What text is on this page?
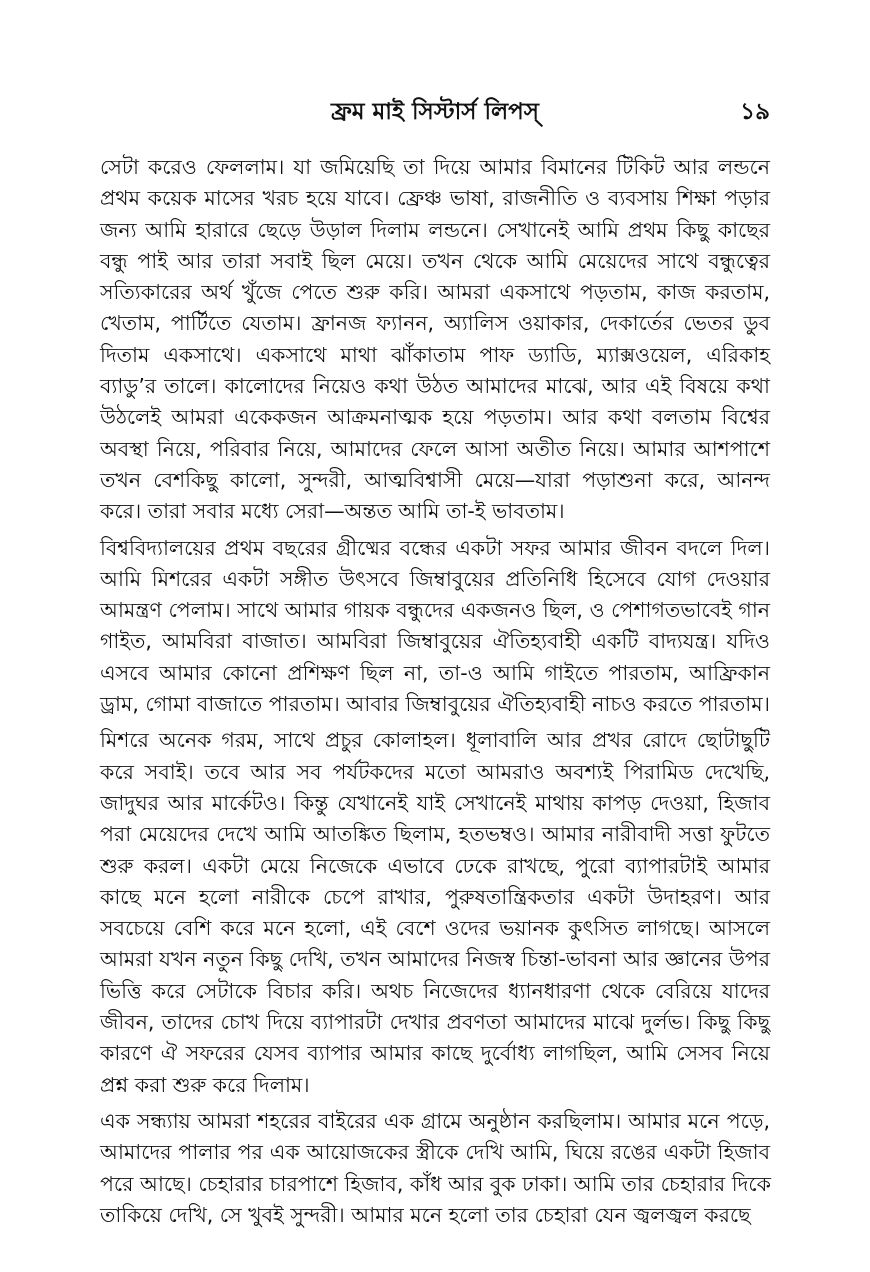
ফ্রম মাই সিস্টার্স লিপস্	১৯
সেটা করেও ফেললাম। যা জমিয়েছি তা দিয়ে আমার বিমানের টিকিট আর লন্ডনে
প্রথম কয়েক মাসের খরচ হয়ে যাবে। ফ্রেঞ্চ ভাষা, রাজনীতি ও ব্যবসায় শিক্ষা পড়ার
জন্য আমি হারারে ছেড়ে উড়াল দিলাম লন্ডনে। সেখানেই আমি প্রথম কিছু কাছের
বন্ধু পাই আর তারা সবাই ছিল মেয়ে। তখন থেকে আমি মেয়েদের সাথে বন্ধুত্বের
সত্যিকারের অর্থ খুঁজে পেতে শুরু করি। আমরা একসাথে পড়তাম, কাজ করতাম,
খেতাম, পার্টিতে যেতাম। ফ্রানজ ফ্যানন, অ্যালিস ওয়াকার, দেকার্তের ভেতর ডুব
দিতাম একসাথে। একসাথে মাথা ঝাঁকাতাম পাফ ড্যাডি, ম্যাক্সওয়েল, এরিকাহ
ব্যাডু’র তালে। কালোদের নিয়েও কথা উঠত আমাদের মাঝে, আর এই বিষয়ে কথা
উঠলেই আমরা একেকজন আক্রমনাত্মক হয়ে পড়তাম। আর কথা বলতাম বিশ্বের
অবস্থা নিয়ে, পরিবার নিয়ে, আমাদের ফেলে আসা অতীত নিয়ে। আমার আশপাশে
তখন বেশকিছু কালো, সুন্দরী, আত্মবিশ্বাসী মেয়ে—যারা পড়াশুনা করে, আনন্দ
করে। তারা সবার মধ্যে সেরা—অন্তত আমি তা-ই ভাবতাম।
বিশ্ববিদ্যালয়ের প্রথম বছরের গ্রীষ্মের বন্ধের একটা সফর আমার জীবন বদলে দিল।
আমি মিশরের একটা সঙ্গীত উৎসবে জিম্বাবুয়ের প্রতিনিধি হিসেবে যোগ দেওয়ার
আমন্ত্রণ পেলাম। সাথে আমার গায়ক বন্ধুদের একজনও ছিল, ও পেশাগতভাবেই গান
গাইত, আমবিরা বাজাত। আমবিরা জিম্বাবুয়ের ঐতিহ্যবাহী একটি বাদ্যযন্ত্র। যদিও
এসবে আমার কোনো প্রশিক্ষণ ছিল না, তা-ও আমি গাইতে পারতাম, আফ্রিকান
ড্রাম, গোমা বাজাতে পারতাম। আবার জিম্বাবুয়ের ঐতিহ্যবাহী নাচও করতে পারতাম।
মিশরে অনেক গরম, সাথে প্রচুর কোলাহল। ধূলাবালি আর প্রখর রোদে ছোটাছুটি
করে সবাই। তবে আর সব পর্যটকদের মতো আমরাও অবশ্যই পিরামিড দেখেছি,
জাদুঘর আর মার্কেটও। কিন্তু যেখানেই যাই সেখানেই মাথায় কাপড় দেওয়া, হিজাব
পরা মেয়েদের দেখে আমি আতঙ্কিত ছিলাম, হতভম্বও। আমার নারীবাদী সত্তা ফুটতে
শুরু করল। একটা মেয়ে নিজেকে এভাবে ঢেকে রাখছে, পুরো ব্যাপারটাই আমার
কাছে মনে হলো নারীকে চেপে রাখার, পুরুষতান্ত্রিকতার একটা উদাহরণ। আর
সবচেয়ে বেশি করে মনে হলো, এই বেশে ওদের ভয়ানক কুৎসিত লাগছে। আসলে
আমরা যখন নতুন কিছু দেখি, তখন আমাদের নিজস্ব চিন্তা-ভাবনা আর জ্ঞানের উপর
ভিত্তি করে সেটাকে বিচার করি। অথচ নিজেদের ধ্যানধারণা থেকে বেরিয়ে যাদের
জীবন, তাদের চোখ দিয়ে ব্যাপারটা দেখার প্রবণতা আমাদের মাঝে দুর্লভ। কিছু কিছু
কারণে ঐ সফরের যেসব ব্যাপার আমার কাছে দুর্বোধ্য লাগছিল, আমি সেসব নিয়ে
প্রশ্ন করা শুরু করে দিলাম।
এক সন্ধ্যায় আমরা শহরের বাইরের এক গ্রামে অনুষ্ঠান করছিলাম। আমার মনে পড়ে,
আমাদের পালার পর এক আয়োজকের স্ত্রীকে দেখি আমি, ঘিয়ে রঙের একটা হিজাব
পরে আছে। চেহারার চারপাশে হিজাব, কাঁধ আর বুক ঢাকা। আমি তার চেহারার দিকে
তাকিয়ে দেখি, সে খুবই সুন্দরী। আমার মনে হলো তার চেহারা যেন জ্বলজ্বল করছে
